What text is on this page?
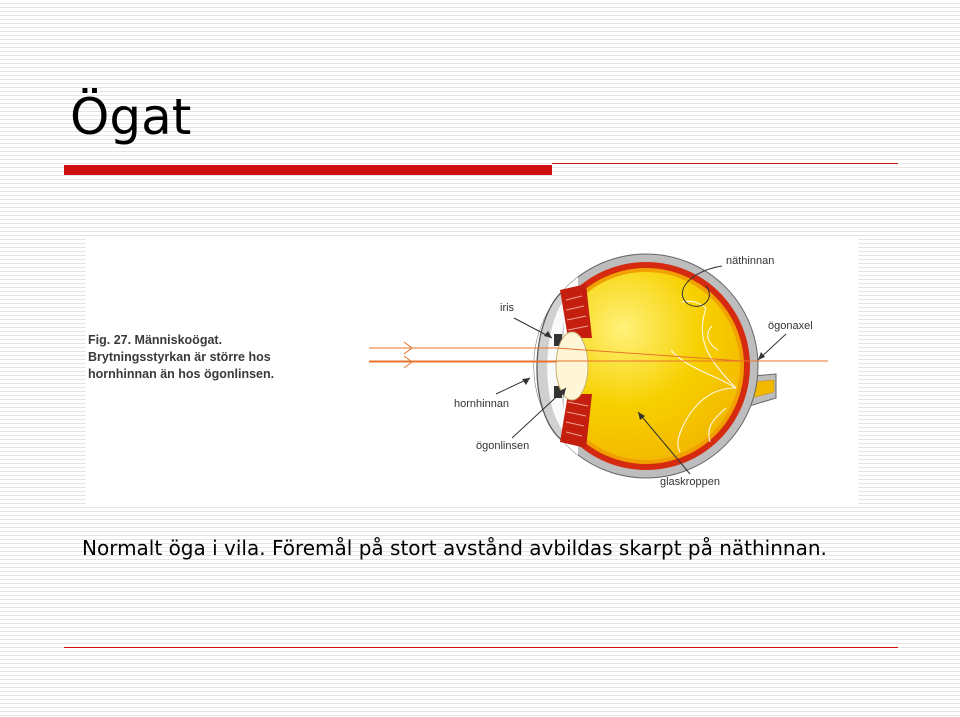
Ögat
Fig. 27. Människoögat.
Brytningsstyrkan är större hos
hornhinnan än hos ögonlinsen.
iris
näthinnan
ögonaxel
hornhinnan
ögonlinsen
glaskroppen
Normalt öga i vila. Föremål på stort avstånd avbildas skarpt på näthinnan.
